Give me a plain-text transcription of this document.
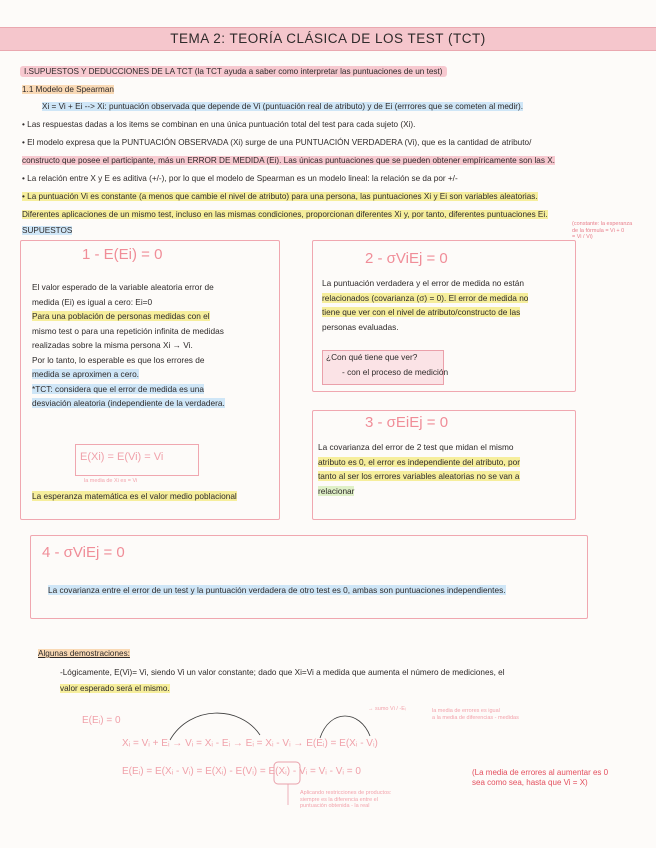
TEMA 2: TEORÍA CLÁSICA DE LOS TEST (TCT)
I.SUPUESTOS Y DEDUCCIONES DE LA TCT (la TCT ayuda a saber como interpretar las puntuaciones de un test)
1.1 Modelo de Spearman
Xi = Vi + Ei --> Xi: puntuación observada que depende de Vi (puntuación real de atributo) y de Ei (errrores que se cometen al medir).
• Las respuestas dadas a los items se combinan en una única puntuación total del test para cada sujeto (Xi).
• El modelo expresa que la PUNTUACIÓN OBSERVADA (Xi) surge de una PUNTUACIÓN VERDADERA (Vi), que es la cantidad de atributo/
constructo que posee el participante, más un ERROR DE MEDIDA (Ei). Las únicas puntuaciones que se pueden obtener empíricamente son las X.
• La relación entre X y E es aditiva (+/-), por lo que el modelo de Spearman es un modelo lineal: la relación se da por +/-
• La puntuación Vi es constante (a menos que cambie el nivel de atributo) para una persona, las puntuaciones Xi y Ei son variables aleatorias.
Diferentes aplicaciones de un mismo test, incluso en las mismas condiciones, proporcionan diferentes Xi y, por tanto, diferentes puntuaciones Ei.
SUPUESTOS
(constante: la esperanza
de la fórmula = Vi + 0
= Vi / Vi)
1 - E(Ei) = 0
El valor esperado de la variable aleatoria error de
medida (Ei) es igual a cero: Ei=0
Para una población de personas medidas con el
mismo test o para una repetición infinita de medidas
realizadas sobre la misma persona Xi → Vi.
Por lo tanto, lo esperable es que los errores de
medida se aproximen a cero.
*TCT: considera que el error de medida es una
desviación aleatoria (independiente de la verdadera.
E(Xi) = E(Vi) = Vi
la media de Xi es = Vi
La esperanza matemática es el valor medio poblacional
2 - σViEj = 0
La puntuación verdadera y el error de medida no están
relacionados (covarianza (σ) = 0). El error de medida no
tiene que ver con el nivel de atributo/constructo de las
personas evaluadas.
¿Con qué tiene que ver?
- con el proceso de medición
3 - σEiEj = 0
La covarianza del error de 2 test que midan el mismo
atributo es 0, el error es independiente del atributo, por
tanto al ser los errores variables aleatorias no se van a
relacionar
4 - σViEj = 0
La covarianza entre el error de un test y la puntuación verdadera de otro test es 0, ambas son puntuaciones independientes.
Algunas demostraciones:
-Lógicamente, E(Vi)= Vi, siendo Vi un valor constante; dado que Xi=Vi a medida que aumenta el número de mediciones, el
valor esperado será el mismo.
E(Eᵢ) = 0
Xᵢ = Vᵢ + Eᵢ → Vᵢ = Xᵢ - Eᵢ → Eᵢ = Xᵢ - Vᵢ → E(Eᵢ) = E(Xᵢ - Vᵢ)
E(Eᵢ) = E(Xᵢ - Vᵢ) = E(Xᵢ) - E(Vᵢ) = E(Xᵢ) - Vᵢ = Vᵢ - Vᵢ = 0
→ sumo Vi / -Eᵢ	la media de errores es igual
a la media de diferencias - medidas
Aplicando restricciones de productos:
siempre es la diferencia entre el
puntuación obtenida - la real
(La media de errores al aumentar es 0
sea como sea, hasta que Vi = X)
